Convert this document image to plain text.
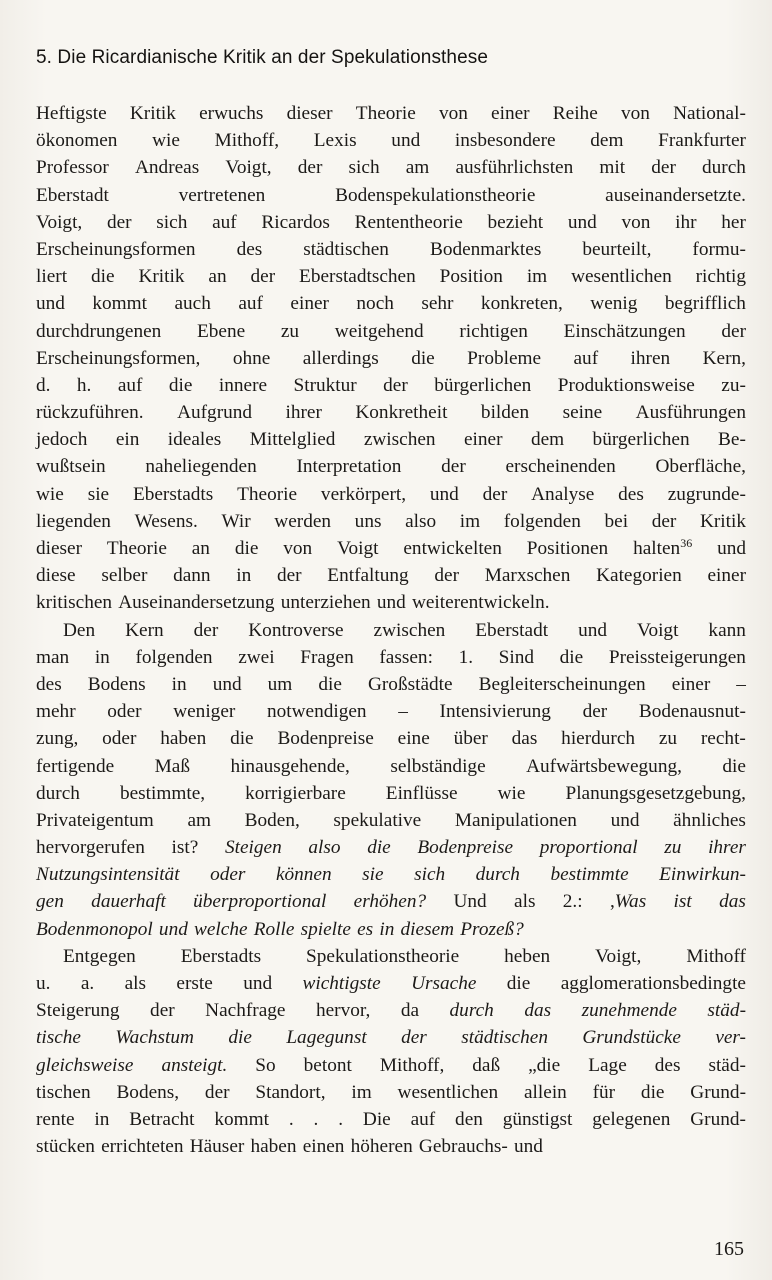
5. Die Ricardianische Kritik an der Spekulationsthese
Heftigste Kritik erwuchs dieser Theorie von einer Reihe von National-
ökonomen wie Mithoff, Lexis und insbesondere dem Frankfurter
Professor Andreas Voigt, der sich am ausführlichsten mit der durch
Eberstadt	vertretenen	Bodenspekulationstheorie	auseinandersetzte.
Voigt, der sich auf Ricardos Rententheorie bezieht und von ihr her
Erscheinungsformen des städtischen Bodenmarktes beurteilt, formu-
liert die Kritik an der Eberstadtschen Position im wesentlichen richtig
und kommt auch auf einer noch sehr konkreten, wenig begrifflich
durchdrungenen Ebene zu weitgehend richtigen Einschätzungen der
Erscheinungsformen, ohne allerdings die Probleme auf ihren Kern,
d. h. auf die innere Struktur der bürgerlichen Produktionsweise zu-
rückzuführen. Aufgrund ihrer Konkretheit bilden seine Ausführungen
jedoch ein ideales Mittelglied zwischen einer dem bürgerlichen Be-
wußtsein naheliegenden Interpretation der erscheinenden Oberfläche,
wie sie Eberstadts Theorie verkörpert, und der Analyse des zugrunde-
liegenden Wesens. Wir werden uns also im folgenden bei der Kritik
dieser Theorie an die von Voigt entwickelten Positionen halten$^{36}$ und
diese selber dann in der Entfaltung der Marxschen Kategorien einer
kritischen Auseinandersetzung unterziehen und weiterentwickeln.
Den Kern der Kontroverse zwischen Eberstadt und Voigt kann
man in folgenden zwei Fragen fassen: 1. Sind die Preissteigerungen
des Bodens in und um die Großstädte Begleiterscheinungen einer –
mehr oder weniger notwendigen – Intensivierung der Bodenausnut-
zung, oder haben die Bodenpreise eine über das hierdurch zu recht-
fertigende Maß hinausgehende, selbständige Aufwärtsbewegung, die
durch bestimmte, korrigierbare Einflüsse wie Planungsgesetzgebung,
Privateigentum am Boden, spekulative Manipulationen und ähnliches
hervorgerufen ist? Steigen also die Bodenpreise proportional zu ihrer
Nutzungsintensität oder können sie sich durch bestimmte Einwirkun-
gen dauerhaft überproportional erhöhen? Und als 2.: ,Was ist das
Bodenmonopol und welche Rolle spielte es in diesem Prozeß?
Entgegen Eberstadts Spekulationstheorie heben Voigt, Mithoff
u. a. als erste und wichtigste Ursache die agglomerationsbedingte
Steigerung der Nachfrage hervor, da durch das zunehmende städ-
tische Wachstum die Lagegunst der städtischen Grundstücke ver-
gleichsweise ansteigt. So betont Mithoff, daß „die Lage des städ-
tischen Bodens, der Standort, im wesentlichen allein für die Grund-
rente in Betracht kommt . . . Die auf den günstigst gelegenen Grund-
stücken errichteten Häuser haben einen höheren Gebrauchs- und
165
